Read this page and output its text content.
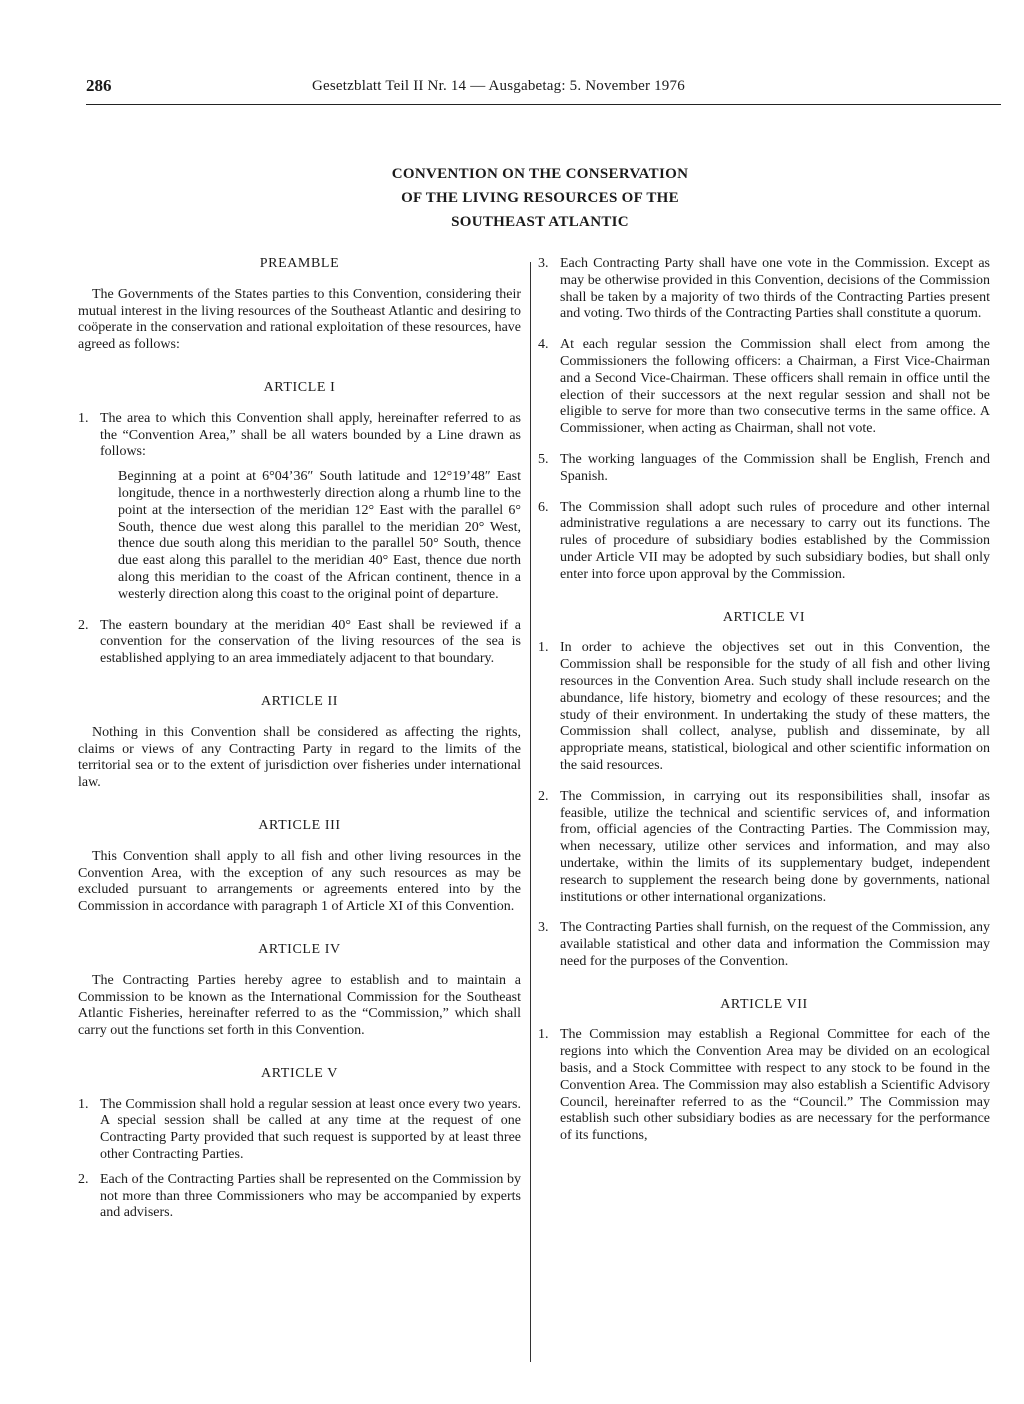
286	Gesetzblatt Teil II Nr. 14 — Ausgabetag: 5. November 1976
CONVENTION ON THE CONSERVATION
OF THE LIVING RESOURCES OF THE
SOUTHEAST ATLANTIC

PREAMBLE

The Governments of the States parties to this Convention, considering their mutual interest in the living resources of the Southeast Atlantic and desiring to coöperate in the conservation and rational exploitation of these resources, have agreed as follows:

ARTICLE I

1. The area to which this Convention shall apply, hereinafter referred to as the “Convention Area,” shall be all waters bounded by a Line drawn as follows:

Beginning at a point at 6°04’36″ South latitude and 12°19’48″ East longitude, thence in a northwesterly direction along a rhumb line to the point at the intersection of the meridian 12° East with the parallel 6° South, thence due west along this parallel to the meridian 20° West, thence due south along this meridian to the parallel 50° South, thence due east along this parallel to the meridian 40° East, thence due north along this meridian to the coast of the African continent, thence in a westerly direction along this coast to the original point of departure.

2. The eastern boundary at the meridian 40° East shall be reviewed if a convention for the conservation of the living resources of the sea is established applying to an area immediately adjacent to that boundary.

ARTICLE II

Nothing in this Convention shall be considered as affecting the rights, claims or views of any Contracting Party in regard to the limits of the territorial sea or to the extent of jurisdiction over fisheries under international law.

ARTICLE III

This Convention shall apply to all fish and other living resources in the Convention Area, with the exception of any such resources as may be excluded pursuant to arrangements or agreements entered into by the Commission in accordance with paragraph 1 of Article XI of this Convention.

ARTICLE IV

The Contracting Parties hereby agree to establish and to maintain a Commission to be known as the International Commission for the Southeast Atlantic Fisheries, hereinafter referred to as the “Commission,” which shall carry out the functions set forth in this Convention.

ARTICLE V

1. The Commission shall hold a regular session at least once every two years. A special session shall be called at any time at the request of one Contracting Party provided that such request is supported by at least three other Contracting Parties.
2. Each of the Contracting Parties shall be represented on the Commission by not more than three Commissioners who may be accompanied by experts and advisers.
3. Each Contracting Party shall have one vote in the Commission. Except as may be otherwise provided in this Convention, decisions of the Commission shall be taken by a majority of two thirds of the Contracting Parties present and voting. Two thirds of the Contracting Parties shall constitute a quorum.
4. At each regular session the Commission shall elect from among the Commissioners the following officers: a Chairman, a First Vice-Chairman and a Second Vice-Chairman. These officers shall remain in office until the election of their successors at the next regular session and shall not be eligible to serve for more than two consecutive terms in the same office. A Commissioner, when acting as Chairman, shall not vote.
5. The working languages of the Commission shall be English, French and Spanish.
6. The Commission shall adopt such rules of procedure and other internal administrative regulations a are necessary to carry out its functions. The rules of procedure of subsidiary bodies established by the Commission under Article VII may be adopted by such subsidiary bodies, but shall only enter into force upon approval by the Commission.

ARTICLE VI

1. In order to achieve the objectives set out in this Convention, the Commission shall be responsible for the study of all fish and other living resources in the Convention Area. Such study shall include research on the abundance, life history, biometry and ecology of these resources; and the study of their environment. In undertaking the study of these matters, the Commission shall collect, analyse, publish and disseminate, by all appropriate means, statistical, biological and other scientific information on the said resources.
2. The Commission, in carrying out its responsibilities shall, insofar as feasible, utilize the technical and scientific services of, and information from, official agencies of the Contracting Parties. The Commission may, when necessary, utilize other services and information, and may also undertake, within the limits of its supplementary budget, independent research to supplement the research being done by governments, national institutions or other international organizations.
3. The Contracting Parties shall furnish, on the request of the Commission, any available statistical and other data and information the Commission may need for the purposes of the Convention.

ARTICLE VII

1. The Commission may establish a Regional Committee for each of the regions into which the Convention Area may be divided on an ecological basis, and a Stock Committee with respect to any stock to be found in the Convention Area. The Commission may also establish a Scientific Advisory Council, hereinafter referred to as the “Council.” The Commission may establish such other subsidiary bodies as are necessary for the performance of its functions,
